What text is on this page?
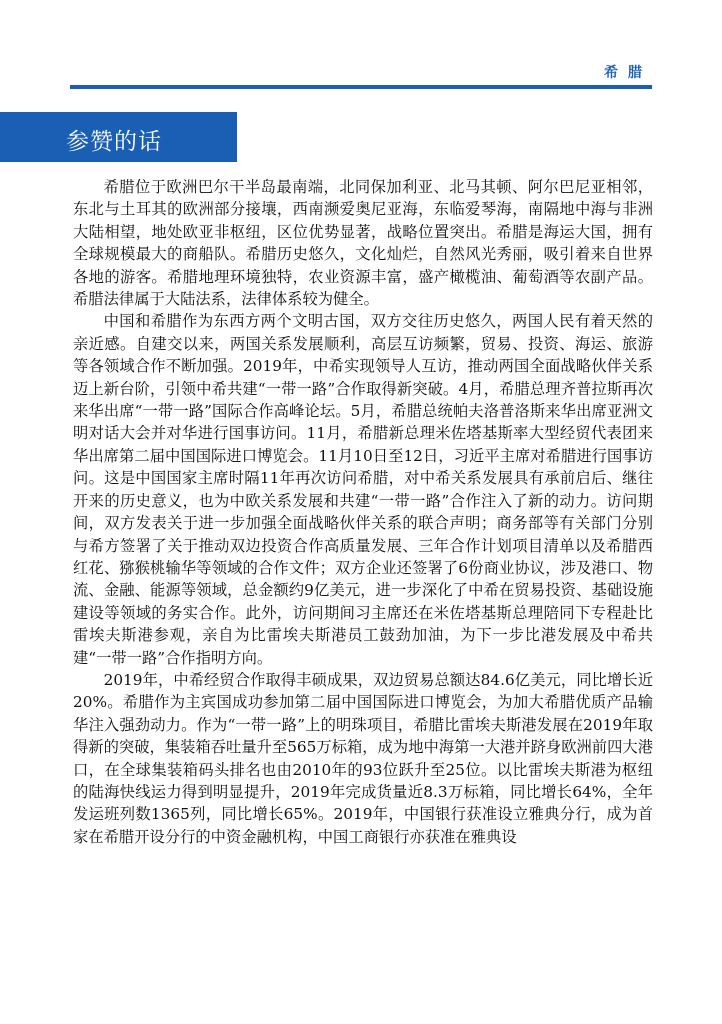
希腊
参赞的话

希腊位于欧洲巴尔干半岛最南端，北同保加利亚、北马其顿、阿尔巴尼亚相邻，东北与土耳其的欧洲部分接壤，西南濒爱奥尼亚海，东临爱琴海，南隔地中海与非洲大陆相望，地处欧亚非枢纽，区位优势显著，战略位置突出。希腊是海运大国，拥有全球规模最大的商船队。希腊历史悠久，文化灿烂，自然风光秀丽，吸引着来自世界各地的游客。希腊地理环境独特，农业资源丰富，盛产橄榄油、葡萄酒等农副产品。希腊法律属于大陆法系，法律体系较为健全。

中国和希腊作为东西方两个文明古国，双方交往历史悠久，两国人民有着天然的亲近感。自建交以来，两国关系发展顺利，高层互访频繁，贸易、投资、海运、旅游等各领域合作不断加强。2019年，中希实现领导人互访，推动两国全面战略伙伴关系迈上新台阶，引领中希共建“一带一路”合作取得新突破。4月，希腊总理齐普拉斯再次来华出席“一带一路”国际合作高峰论坛。5月，希腊总统帕夫洛普洛斯来华出席亚洲文明对话大会并对华进行国事访问。11月，希腊新总理米佐塔基斯率大型经贸代表团来华出席第二届中国国际进口博览会。11月10日至12日，习近平主席对希腊进行国事访问。这是中国国家主席时隔11年再次访问希腊，对中希关系发展具有承前启后、继往开来的历史意义，也为中欧关系发展和共建“一带一路”合作注入了新的动力。访问期间，双方发表关于进一步加强全面战略伙伴关系的联合声明；商务部等有关部门分别与希方签署了关于推动双边投资合作高质量发展、三年合作计划项目清单以及希腊西红花、猕猴桃输华等领域的合作文件；双方企业还签署了6份商业协议，涉及港口、物流、金融、能源等领域，总金额约9亿美元，进一步深化了中希在贸易投资、基础设施建设等领域的务实合作。此外，访问期间习主席还在米佐塔基斯总理陪同下专程赴比雷埃夫斯港参观，亲自为比雷埃夫斯港员工鼓劲加油，为下一步比港发展及中希共建“一带一路”合作指明方向。

2019年，中希经贸合作取得丰硕成果，双边贸易总额达84.6亿美元，同比增长近20%。希腊作为主宾国成功参加第二届中国国际进口博览会，为加大希腊优质产品输华注入强劲动力。作为“一带一路”上的明珠项目，希腊比雷埃夫斯港发展在2019年取得新的突破，集装箱吞吐量升至565万标箱，成为地中海第一大港并跻身欧洲前四大港口，在全球集装箱码头排名也由2010年的93位跃升至25位。以比雷埃夫斯港为枢纽的陆海快线运力得到明显提升，2019年完成货量近8.3万标箱，同比增长64%，全年发运班列数1365列，同比增长65%。2019年，中国银行获准设立雅典分行，成为首家在希腊开设分行的中资金融机构，中国工商银行亦获准在雅典设
